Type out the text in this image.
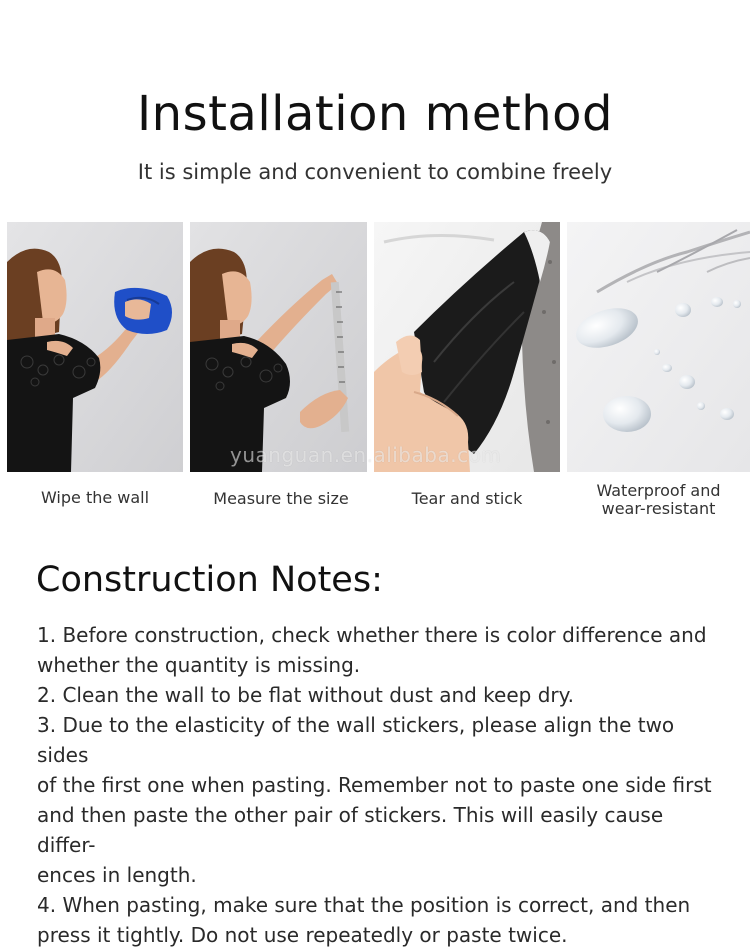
Installation method

It is simple and convenient to combine freely

yuanguan.en.alibaba.com
Wipe the wall	Measure the size	Tear and stick	Waterproof and
wear-resistant
Construction Notes:
1. Before construction, check whether there is color difference and
whether the quantity is missing.
2. Clean the wall to be flat without dust and keep dry.
3. Due to the elasticity of the wall stickers, please align the two sides
of the first one when pasting. Remember not to paste one side first
and then paste the other pair of stickers. This will easily cause differ-
ences in length.
4. When pasting, make sure that the position is correct, and then
press it tightly. Do not use repeatedly or paste twice.
